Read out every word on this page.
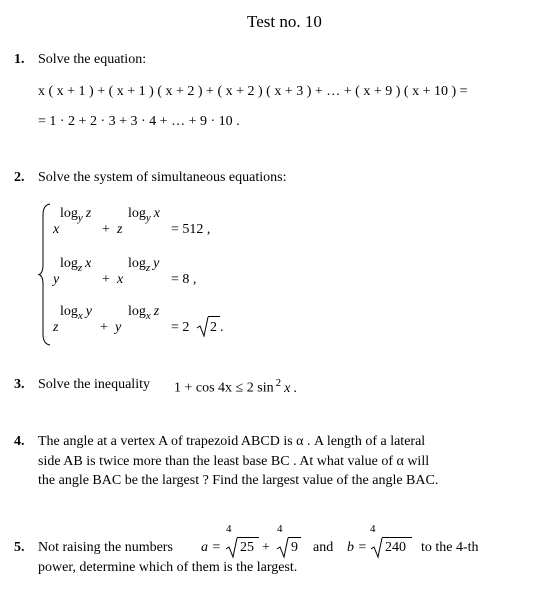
Test no. 10
1. Solve the equation:
x ( x + 1 ) + ( x + 1 ) ( x + 2 ) + ( x + 2 ) ( x + 3 ) + … + ( x + 9 ) ( x + 10 ) =
= 1 · 2 + 2 · 3 + 3 · 4 + … + 9 · 10 .
2. Solve the system of simultaneous equations:
$\log_y z$	$\log_y x$
x	+ z	= 512 ,
$\log_z x$	$\log_z y$
y	+ x	= 8 ,
$\log_x y$	$\log_x z$
z	+ y	= 2 2 .
3. Solve the inequality 1 + cos 4x ≤ 2 sin $^2$ x .
4. The angle at a vertex A of trapezoid ABCD is α . A length of a lateral
side AB is twice more than the least base BC . At what value of α will
the angle BAC be the largest ? Find the largest value of the angle BAC.
5. Not raising the numbers a =
4
25 +
4
9 and b =
4
240 to the 4-th
power, determine which of them is the largest.
